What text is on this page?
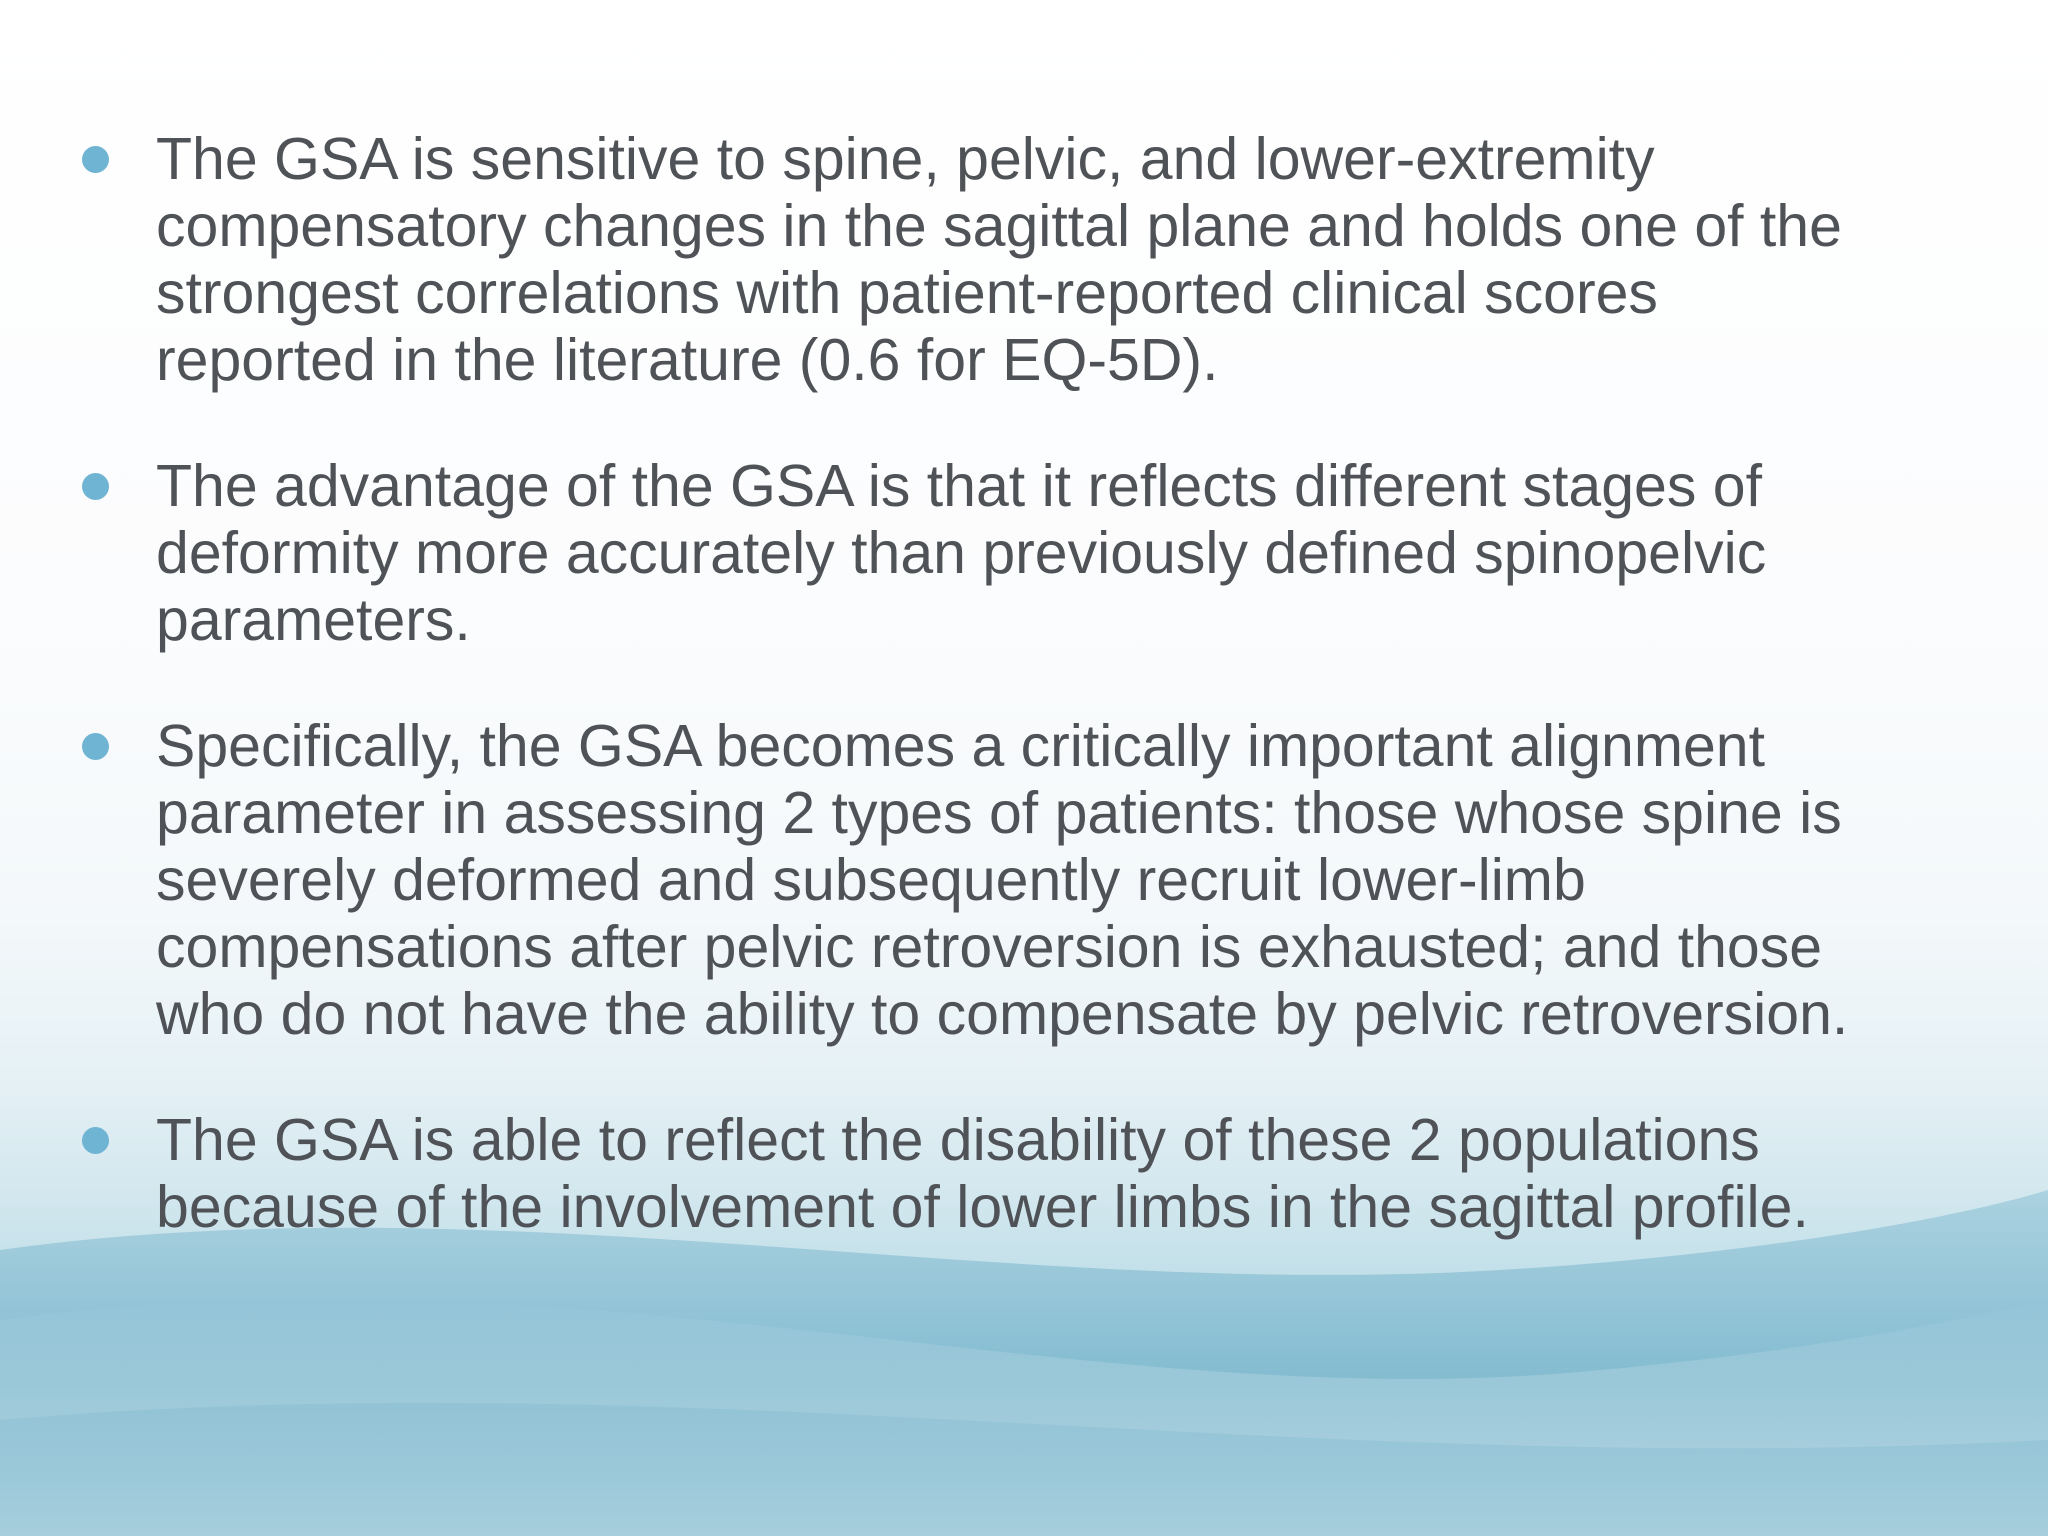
The GSA is sensitive to spine, pelvic, and lower-extremity
compensatory changes in the sagittal plane and holds one of the
strongest correlations with patient-reported clinical scores
reported in the literature (0.6 for EQ-5D).
The advantage of the GSA is that it reflects different stages of
deformity more accurately than previously defined spinopelvic
parameters.
Specifically, the GSA becomes a critically important alignment
parameter in assessing 2 types of patients: those whose spine is
severely deformed and subsequently recruit lower-limb
compensations after pelvic retroversion is exhausted; and those
who do not have the ability to compensate by pelvic retroversion.
The GSA is able to reflect the disability of these 2 populations
because of the involvement of lower limbs in the sagittal profile.
